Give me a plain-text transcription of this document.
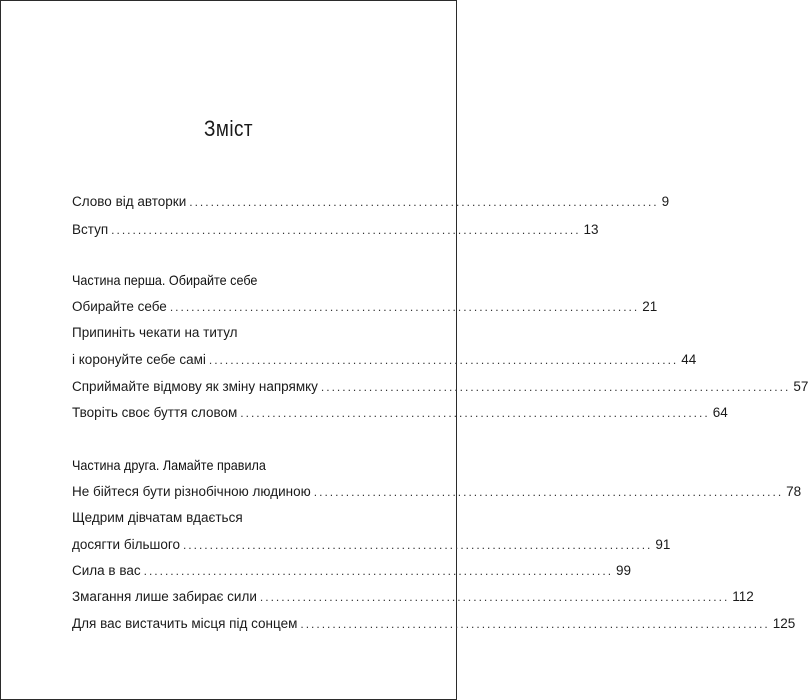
Зміст
Слово від авторки ........................................................................................ 9
Вступ ........................................................................................ 13
Частина перша. Обирайте себе
Обирайте себе ........................................................................................ 21
Припиніть чекати на титул
і коронуйте себе самі ........................................................................................ 44
Сприймайте відмову як зміну напрямку ........................................................................................ 57
Творіть своє буття словом ........................................................................................ 64
Частина друга. Ламайте правила
Не бійтеся бути різнобічною людиною ........................................................................................ 78
Щедрим дівчатам вдається
досягти більшого ........................................................................................ 91
Сила в вас ........................................................................................ 99
Змагання лише забирає сили ........................................................................................ 112
Для вас вистачить місця під сонцем ........................................................................................ 125
